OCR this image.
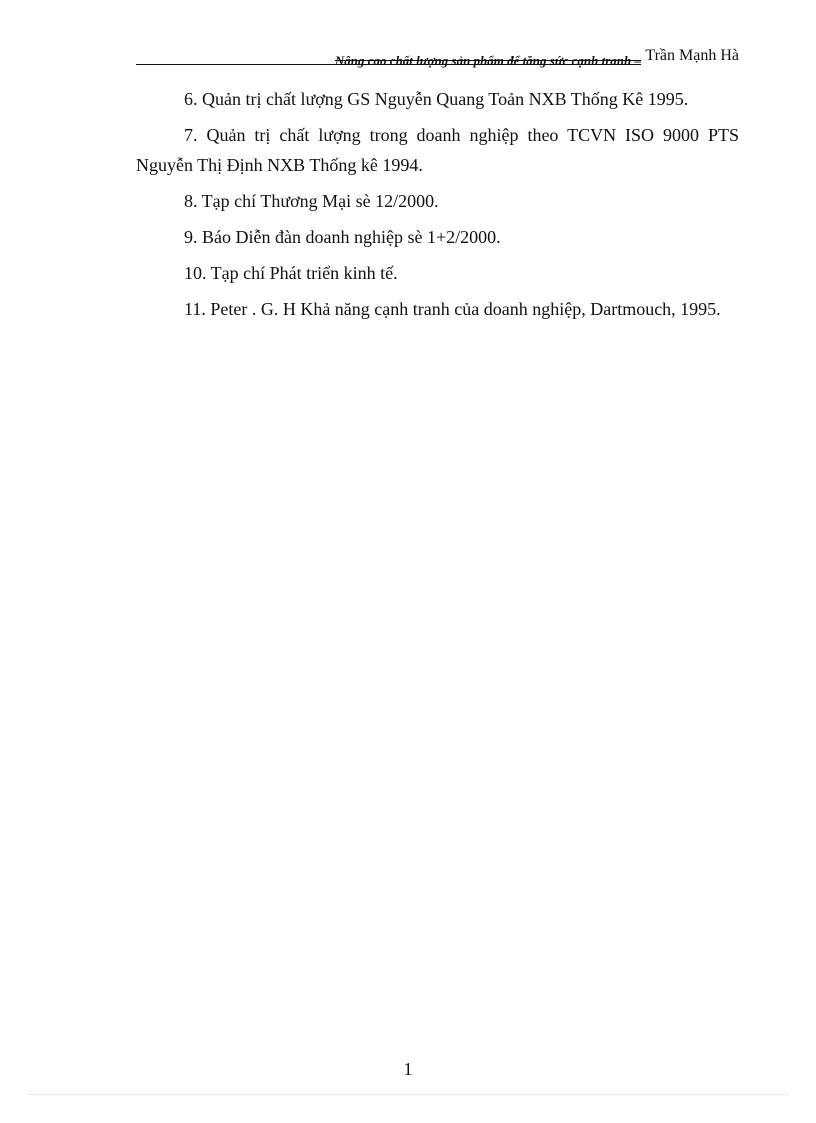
Nâng cao chất lượng sản phẩm để tăng sức cạnh tranh – Trần Mạnh Hà

6. Quản trị chất lượng GS Nguyễn Quang Toản NXB Thống Kê 1995.

7. Quản trị chất lượng trong doanh nghiệp theo TCVN ISO 9000 PTS Nguyễn Thị Định NXB Thống kê 1994.

8. Tạp chí Thương Mại sè 12/2000.

9. Báo Diễn đàn doanh nghiệp sè 1+2/2000.

10. Tạp chí Phát triển kinh tế.

11. Peter . G. H Khả năng cạnh tranh của doanh nghiệp, Dartmouch, 1995.

1
